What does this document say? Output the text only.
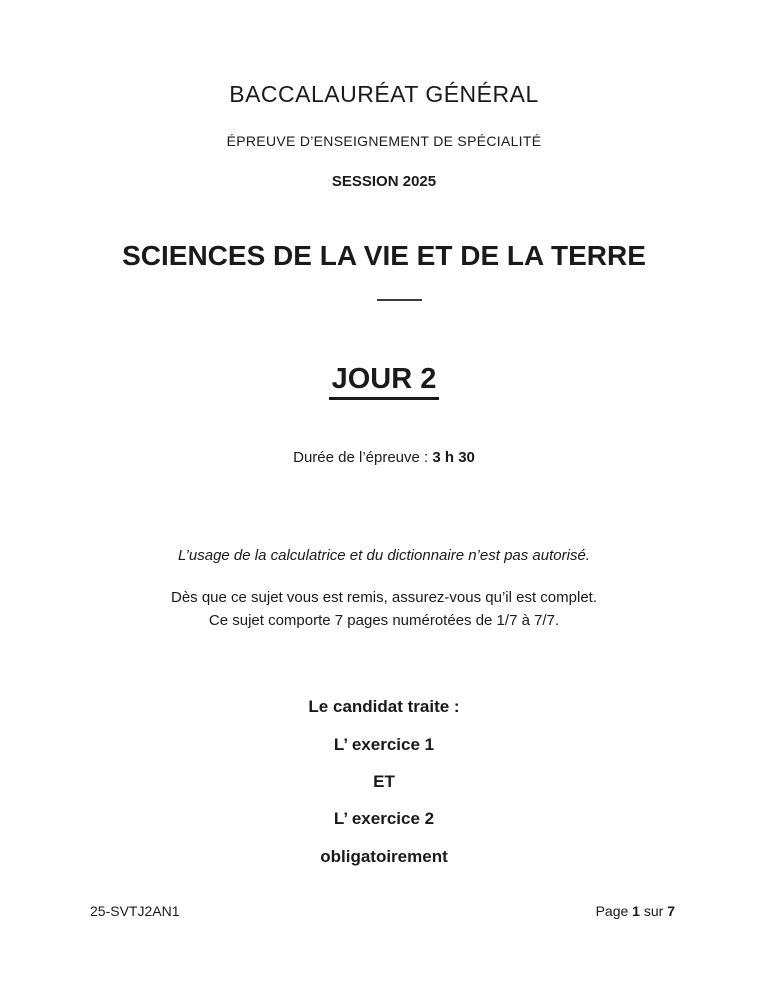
BACCALAURÉAT GÉNÉRAL
ÉPREUVE D’ENSEIGNEMENT DE SPÉCIALITÉ
SESSION 2025
SCIENCES DE LA VIE ET DE LA TERRE
JOUR 2
Durée de l’épreuve : 3 h 30
L’usage de la calculatrice et du dictionnaire n’est pas autorisé.
Dès que ce sujet vous est remis, assurez-vous qu’il est complet.
Ce sujet comporte 7 pages numérotées de 1/7 à 7/7.
Le candidat traite :
L’ exercice 1
ET
L’ exercice 2
obligatoirement
25-SVTJ2AN1	Page 1 sur 7
